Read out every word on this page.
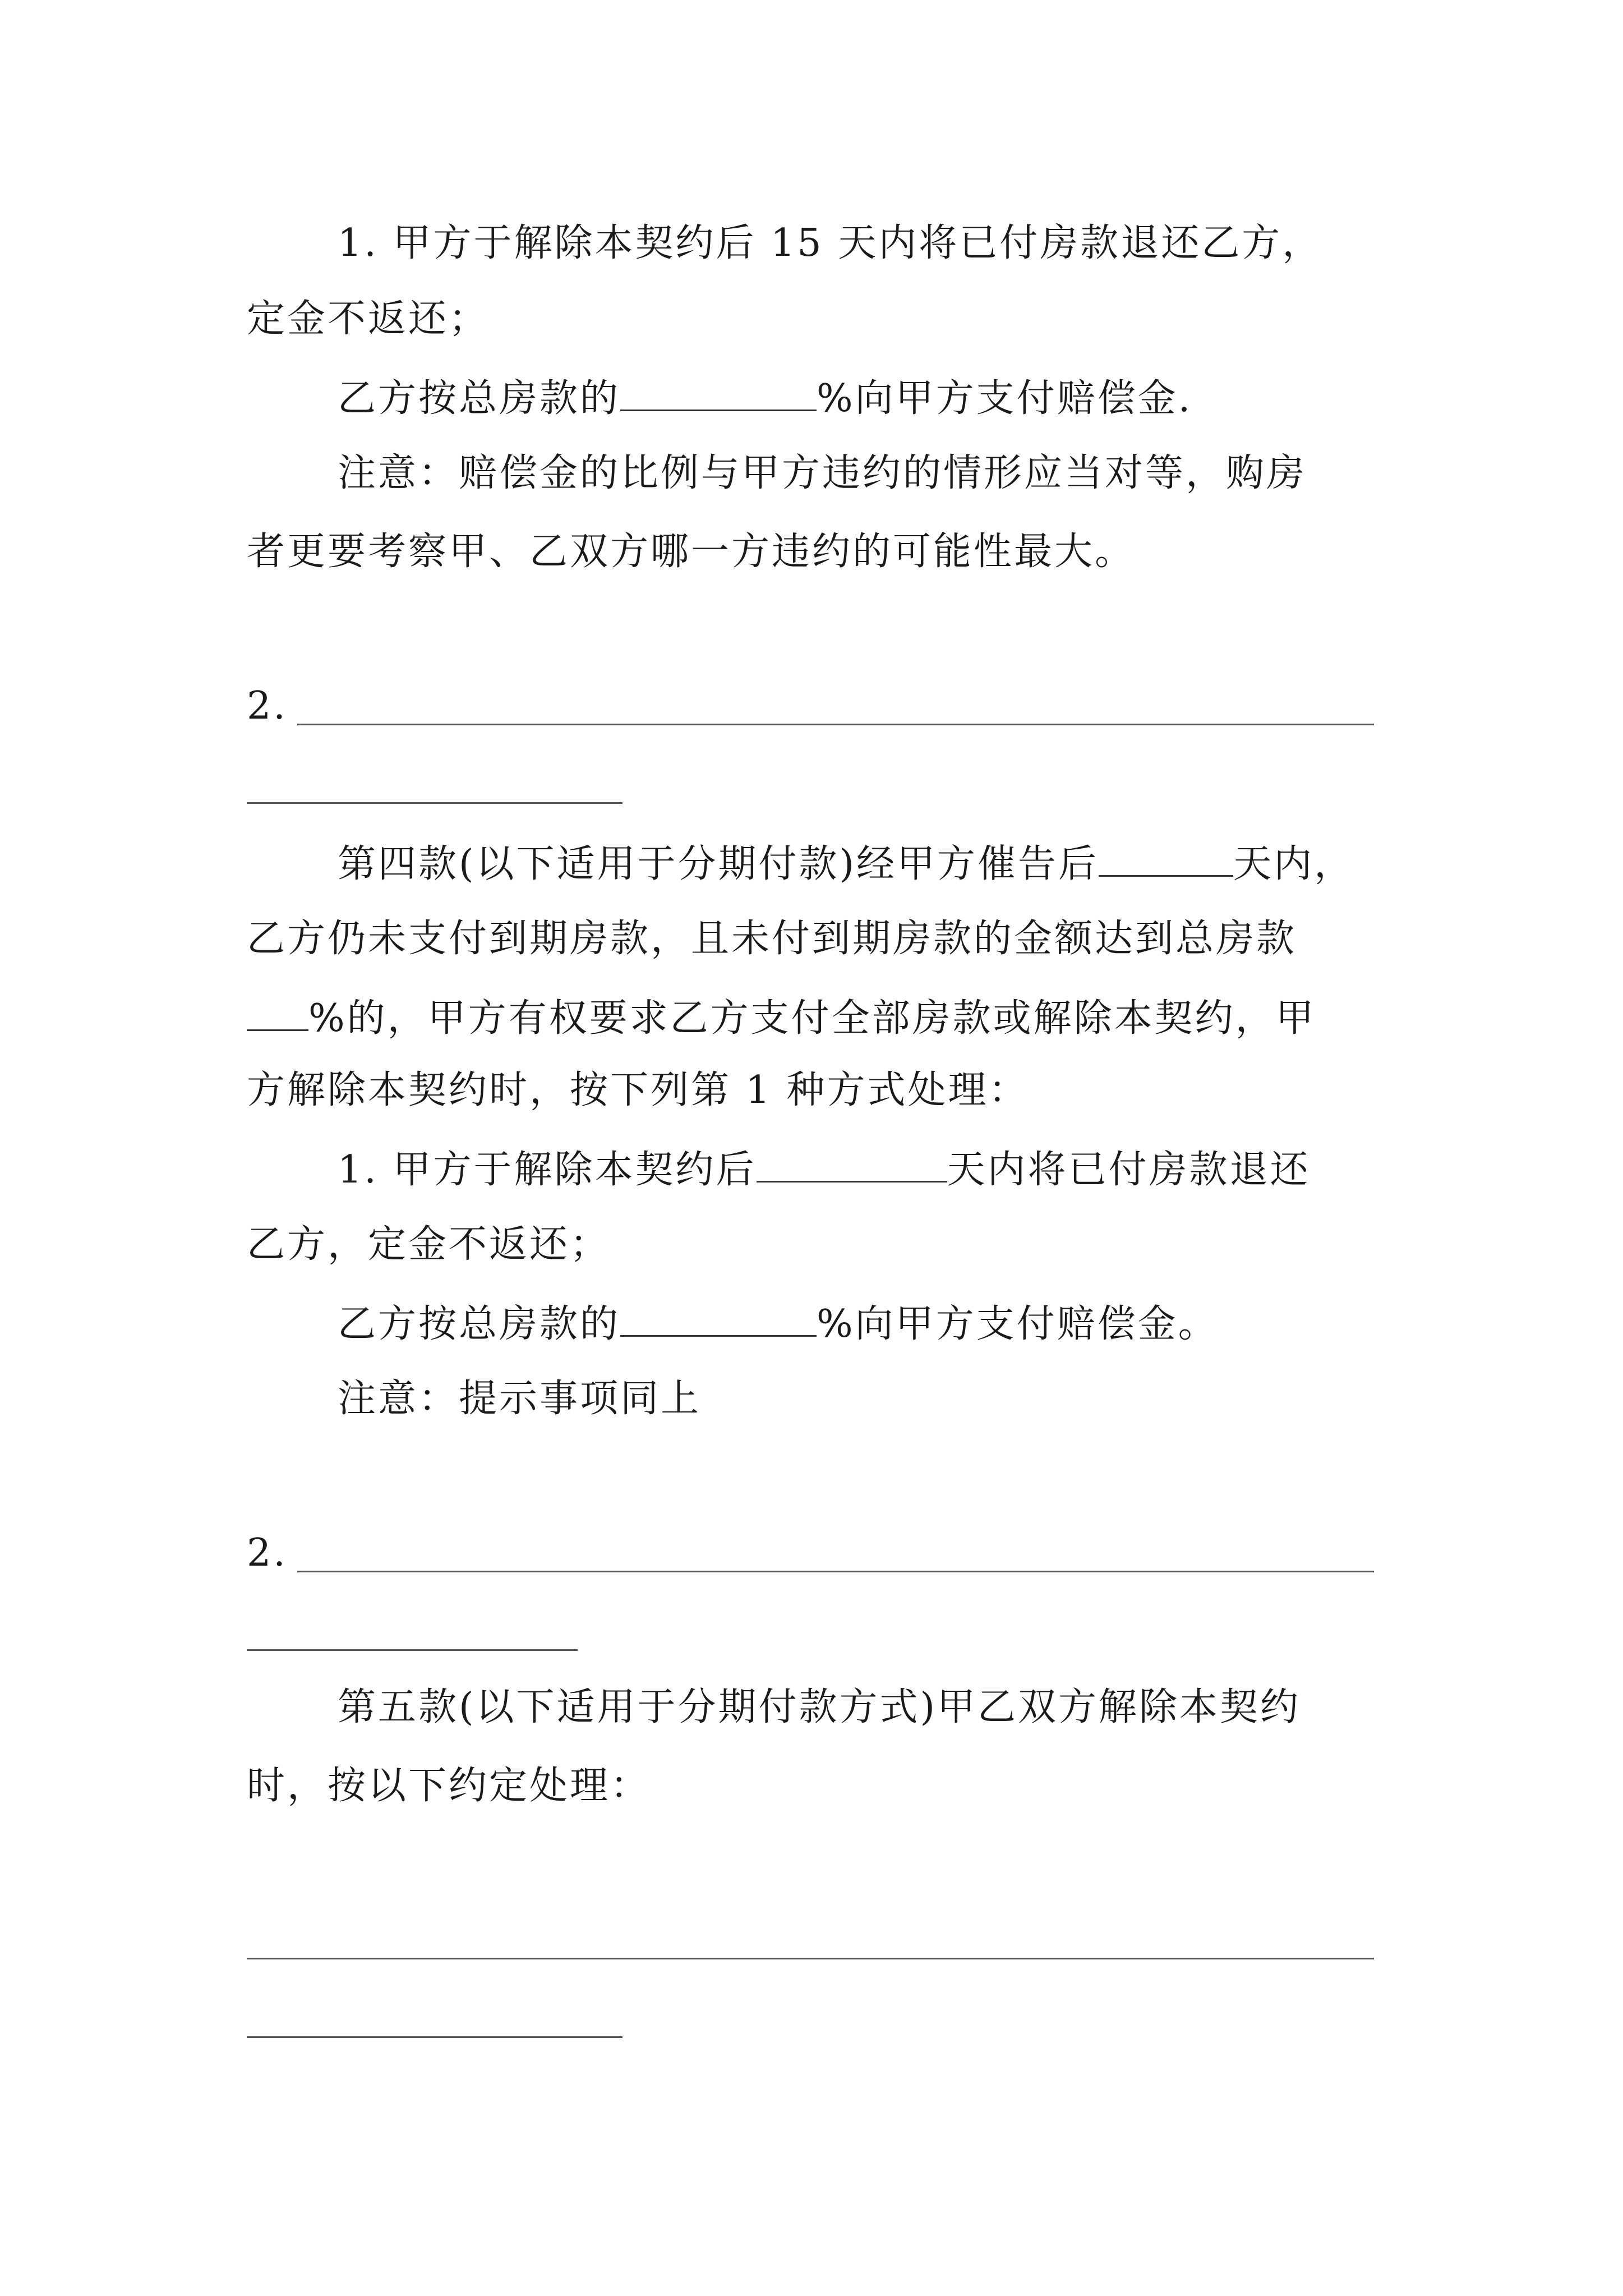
1. 甲方于解除本契约后 15 天内将已付房款退还乙方，
定金不返还；
乙方按总房款的	%向甲方支付赔偿金.
注意：赔偿金的比例与甲方违约的情形应当对等，购房
者更要考察甲、乙双方哪一方违约的可能性最大。
2.
第四款(以下适用于分期付款)经甲方催告后	天内，
乙方仍未支付到期房款，且未付到期房款的金额达到总房款
%的，甲方有权要求乙方支付全部房款或解除本契约，甲
方解除本契约时，按下列第 1 种方式处理：
1. 甲方于解除本契约后	天内将已付房款退还
乙方，定金不返还；
乙方按总房款的	%向甲方支付赔偿金。
注意：提示事项同上
2.
第五款(以下适用于分期付款方式)甲乙双方解除本契约
时，按以下约定处理：
